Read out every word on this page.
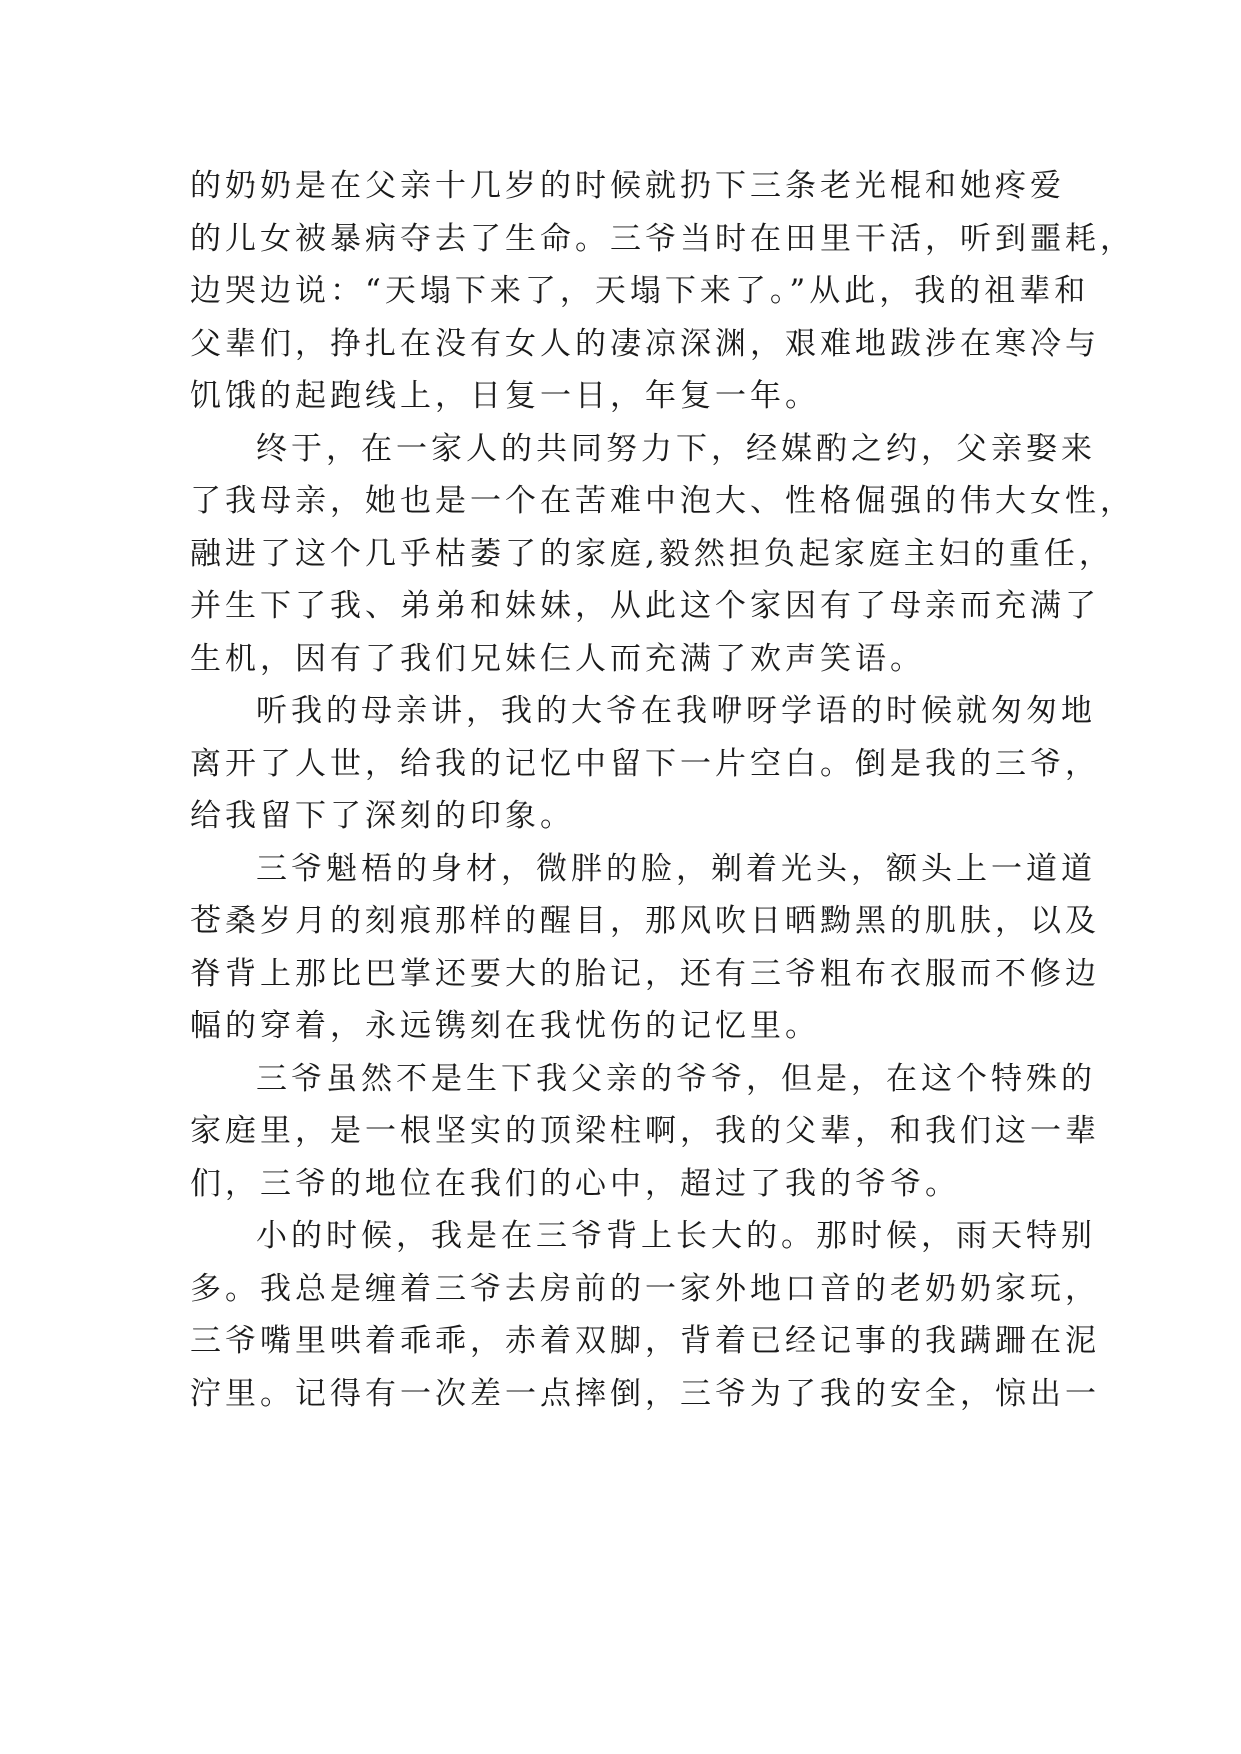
的奶奶是在父亲十几岁的时候就扔下三条老光棍和她疼爱
的儿女被暴病夺去了生命。三爷当时在田里干活，听到噩耗，
边哭边说：“天塌下来了，天塌下来了。”从此，我的祖辈和
父辈们，挣扎在没有女人的凄凉深渊，艰难地跋涉在寒冷与
饥饿的起跑线上，日复一日，年复一年。
终于，在一家人的共同努力下，经媒酌之约，父亲娶来
了我母亲，她也是一个在苦难中泡大、性格倔强的伟大女性，
融进了这个几乎枯萎了的家庭,毅然担负起家庭主妇的重任，
并生下了我、弟弟和妹妹，从此这个家因有了母亲而充满了
生机，因有了我们兄妹仨人而充满了欢声笑语。
听我的母亲讲，我的大爷在我咿呀学语的时候就匆匆地
离开了人世，给我的记忆中留下一片空白。倒是我的三爷，
给我留下了深刻的印象。
三爷魁梧的身材，微胖的脸，剃着光头，额头上一道道
苍桑岁月的刻痕那样的醒目，那风吹日晒黝黑的肌肤，以及
脊背上那比巴掌还要大的胎记，还有三爷粗布衣服而不修边
幅的穿着，永远镌刻在我忧伤的记忆里。
三爷虽然不是生下我父亲的爷爷，但是，在这个特殊的
家庭里，是一根坚实的顶梁柱啊，我的父辈，和我们这一辈
们，三爷的地位在我们的心中，超过了我的爷爷。
小的时候，我是在三爷背上长大的。那时候，雨天特别
多。我总是缠着三爷去房前的一家外地口音的老奶奶家玩，
三爷嘴里哄着乖乖，赤着双脚，背着已经记事的我蹒跚在泥
泞里。记得有一次差一点摔倒，三爷为了我的安全，惊出一
